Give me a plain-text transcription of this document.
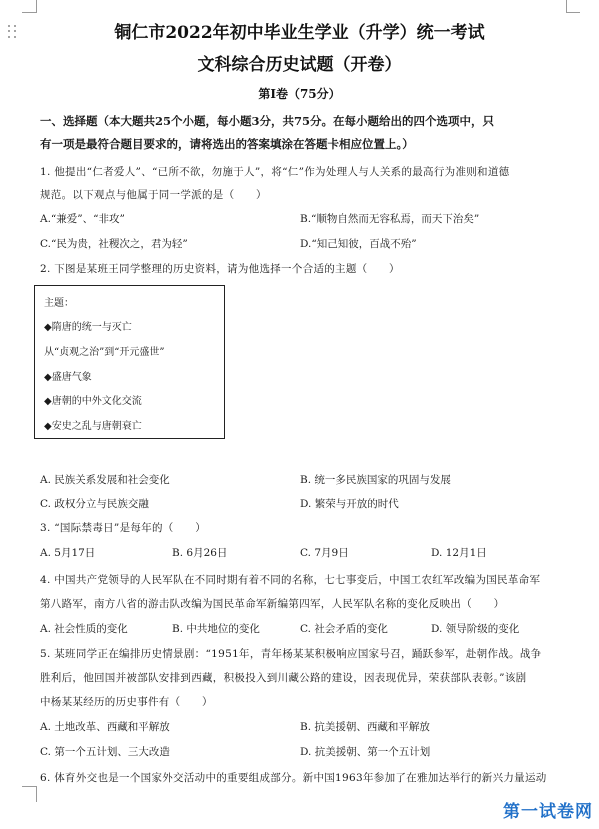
铜仁市2022年初中毕业生学业（升学）统一考试
文科综合历史试题（开卷）
第Ⅰ卷（75分）
一、选择题（本大题共25个小题，每小题3分，共75分。在每小题给出的四个选项中，只
有一项是最符合题目要求的，请将选出的答案填涂在答题卡相应位置上。）
1. 他提出“仁者爱人”、“已所不欲，勿施于人”，将“仁”作为处理人与人关系的最高行为准则和道德
规范。以下观点与他属于同一学派的是（　　）
A.“兼爱”、“非攻”	B.“顺物自然而无容私焉，而天下治矣”
C.“民为贵，社稷次之，君为轻”	D.“知己知彼，百战不殆”
2. 下图是某班王同学整理的历史资料，请为他选择一个合适的主题（　　）
主题：
◆隋唐的统一与灭亡
从“贞观之治”到“开元盛世”
◆盛唐气象
◆唐朝的中外文化交流
◆安史之乱与唐朝衰亡
A. 民族关系发展和社会变化	B. 统一多民族国家的巩固与发展
C. 政权分立与民族交融	D. 繁荣与开放的时代
3. “国际禁毒日”是每年的（　　）
A. 5月17日	B. 6月26日	C. 7月9日	D. 12月1日
4. 中国共产党领导的人民军队在不同时期有着不同的名称，七七事变后，中国工农红军改编为国民革命军
第八路军，南方八省的游击队改编为国民革命军新编第四军，人民军队名称的变化反映出（　　）
A. 社会性质的变化	B. 中共地位的变化	C. 社会矛盾的变化	D. 领导阶级的变化
5. 某班同学正在编排历史情景剧：“1951年，青年杨某某积极响应国家号召，踊跃参军，赴朝作战。战争
胜利后，他回国并被部队安排到西藏，积极投入到川藏公路的建设，因表现优异，荣获部队表彰。”该剧
中杨某某经历的历史事件有（　　）
A. 土地改革、西藏和平解放	B. 抗美援朝、西藏和平解放
C. 第一个五计划、三大改造	D. 抗美援朝、第一个五计划
6. 体育外交也是一个国家外交活动中的重要组成部分。新中国1963年参加了在雅加达举行的新兴力量运动
第一试卷网
